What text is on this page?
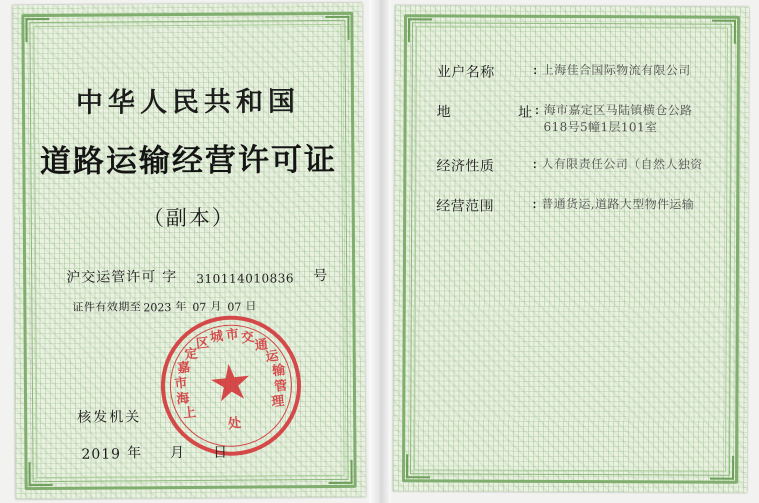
中华人民共和国
道路运输经营许可证
（副本）
沪交运管许可 字	310114010836	号
证件有效期至 2023 年 07 月 07 日
上
海
市
嘉
定
区 城 市 交 通
运
输
管
理
处
核发机关
2019 年	月	日
业户名称	: 上海佳合国际物流有限公司
地	址 : 海市嘉定区马陆镇横仓公路
618号5幢1层101室
经济性质	: 人有限责任公司（自然人独资
经营范围	: 普通货运,道路大型物件运输
